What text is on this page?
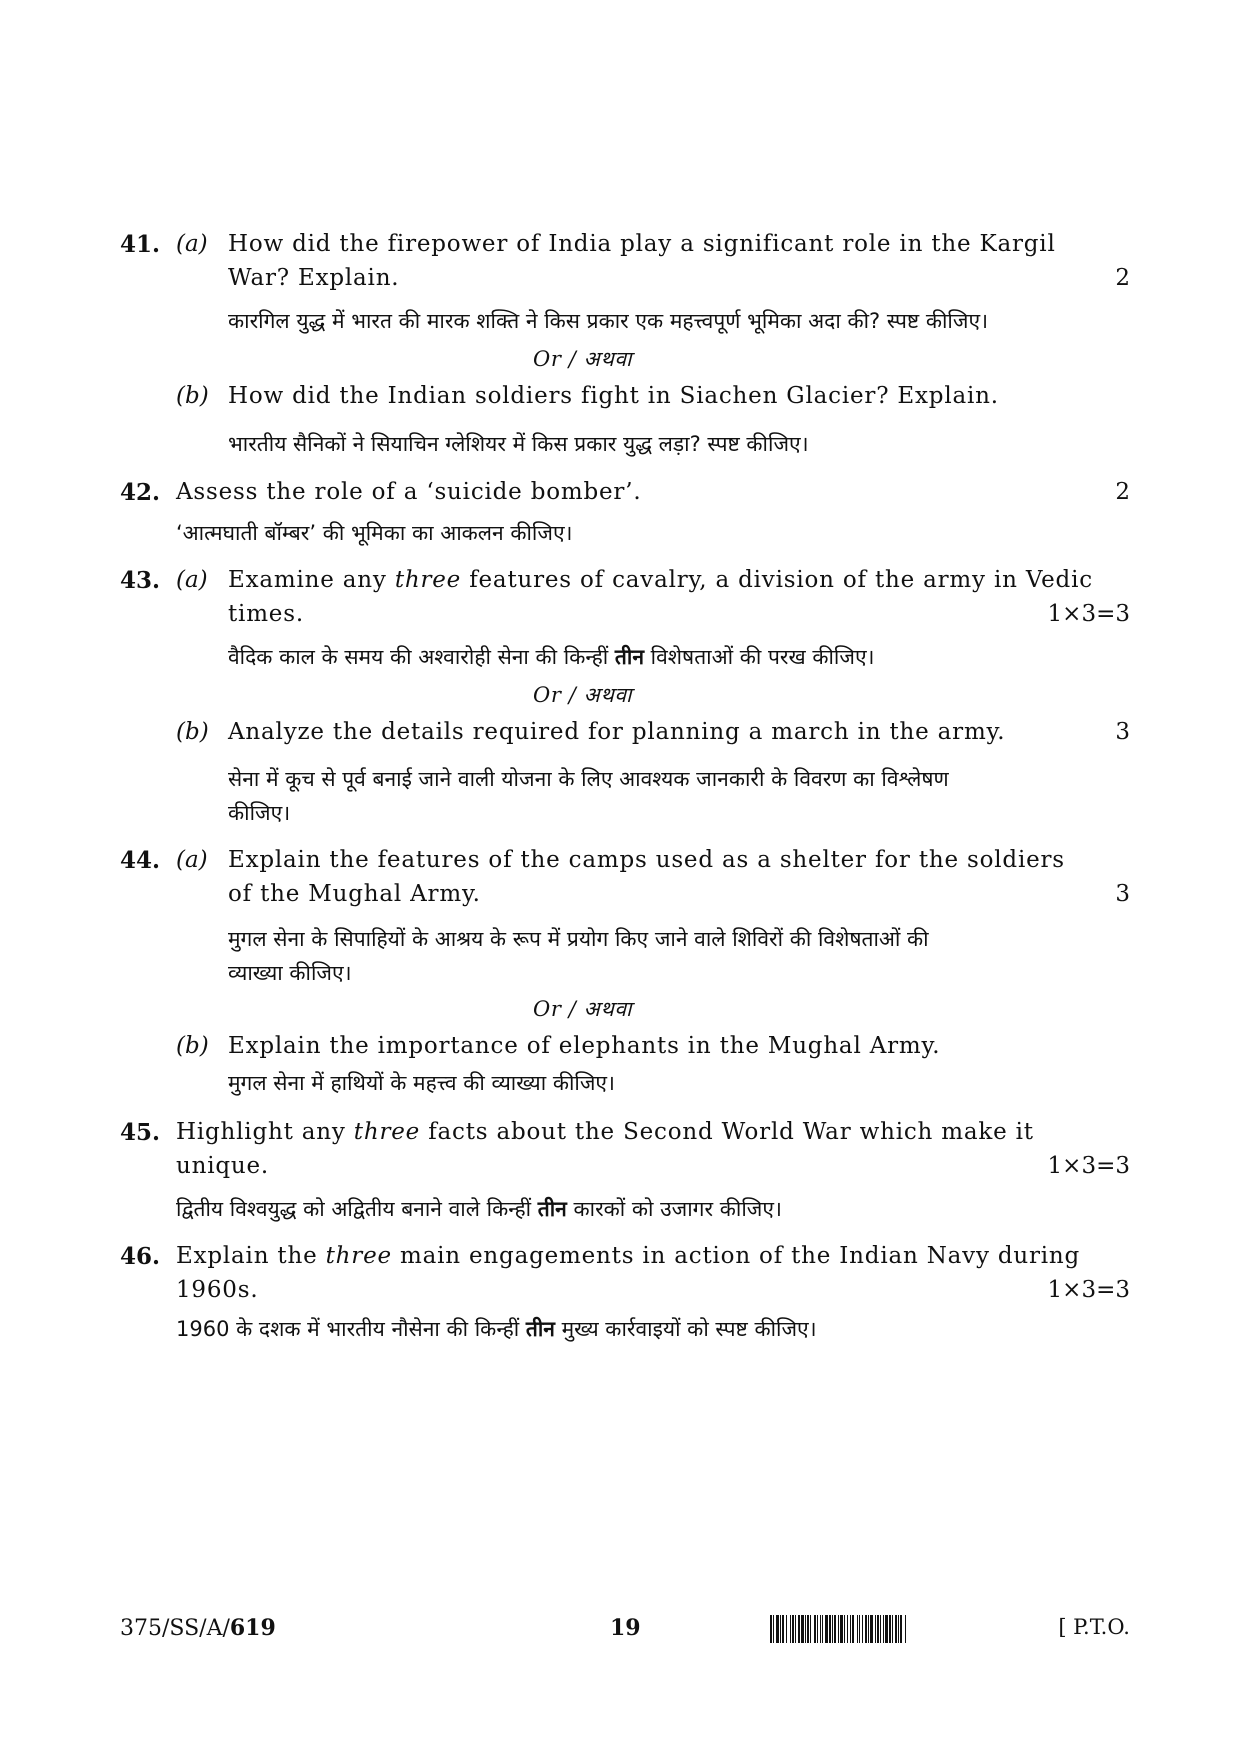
41. (a) How did the firepower of India play a significant role in the Kargil
War? Explain.	2
कारगिल युद्ध में भारत की मारक शक्ति ने किस प्रकार एक महत्त्वपूर्ण भूमिका अदा की? स्पष्ट कीजिए।
Or / अथवा
(b) How did the Indian soldiers fight in Siachen Glacier? Explain.
भारतीय सैनिकों ने सियाचिन ग्लेशियर में किस प्रकार युद्ध लड़ा? स्पष्ट कीजिए।
42. Assess the role of a ‘suicide bomber’.	2
‘आत्मघाती बॉम्बर’ की भूमिका का आकलन कीजिए।
43. (a) Examine any three features of cavalry, a division of the army in Vedic
times.	1×3=3
वैदिक काल के समय की अश्वारोही सेना की किन्हीं तीन विशेषताओं की परख कीजिए।
Or / अथवा
(b) Analyze the details required for planning a march in the army.	3
सेना में कूच से पूर्व बनाई जाने वाली योजना के लिए आवश्यक जानकारी के विवरण का विश्लेषण
कीजिए।
44. (a) Explain the features of the camps used as a shelter for the soldiers
of the Mughal Army.	3
मुगल सेना के सिपाहियों के आश्रय के रूप में प्रयोग किए जाने वाले शिविरों की विशेषताओं की
व्याख्या कीजिए।
Or / अथवा
(b) Explain the importance of elephants in the Mughal Army.
मुगल सेना में हाथियों के महत्त्व की व्याख्या कीजिए।
45. Highlight any three facts about the Second World War which make it
unique.	1×3=3
द्वितीय विश्वयुद्ध को अद्वितीय बनाने वाले किन्हीं तीन कारकों को उजागर कीजिए।
46. Explain the three main engagements in action of the Indian Navy during
1960s.	1×3=3
1960 के दशक में भारतीय नौसेना की किन्हीं तीन मुख्य कार्रवाइयों को स्पष्ट कीजिए।
375/SS/A/619	19	[ P.T.O.
